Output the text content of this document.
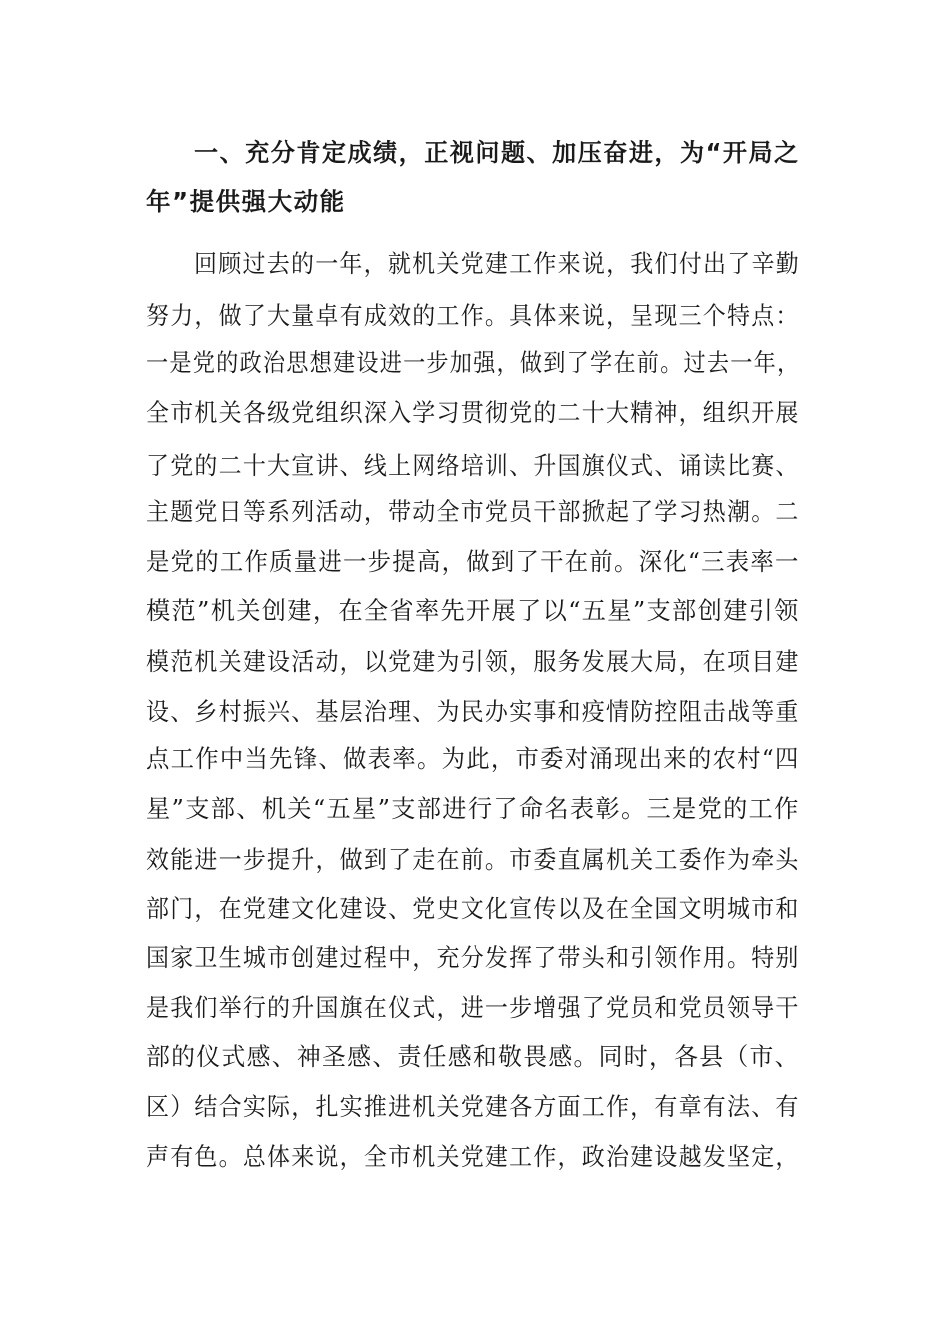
一、充分肯定成绩，正视问题、加压奋进，为“开局之
年”提供强大动能
回顾过去的一年，就机关党建工作来说，我们付出了辛勤
努力，做了大量卓有成效的工作。具体来说，呈现三个特点：
一是党的政治思想建设进一步加强，做到了学在前。过去一年，
全市机关各级党组织深入学习贯彻党的二十大精神，组织开展
了党的二十大宣讲、线上网络培训、升国旗仪式、诵读比赛、
主题党日等系列活动，带动全市党员干部掀起了学习热潮。二
是党的工作质量进一步提高，做到了干在前。深化“三表率一
模范”机关创建，在全省率先开展了以“五星”支部创建引领
模范机关建设活动，以党建为引领，服务发展大局，在项目建
设、乡村振兴、基层治理、为民办实事和疫情防控阻击战等重
点工作中当先锋、做表率。为此，市委对涌现出来的农村“四
星”支部、机关“五星”支部进行了命名表彰。三是党的工作
效能进一步提升，做到了走在前。市委直属机关工委作为牵头
部门，在党建文化建设、党史文化宣传以及在全国文明城市和
国家卫生城市创建过程中，充分发挥了带头和引领作用。特别
是我们举行的升国旗在仪式，进一步增强了党员和党员领导干
部的仪式感、神圣感、责任感和敬畏感。同时，各县（市、
区）结合实际，扎实推进机关党建各方面工作，有章有法、有
声有色。总体来说，全市机关党建工作，政治建设越发坚定，
